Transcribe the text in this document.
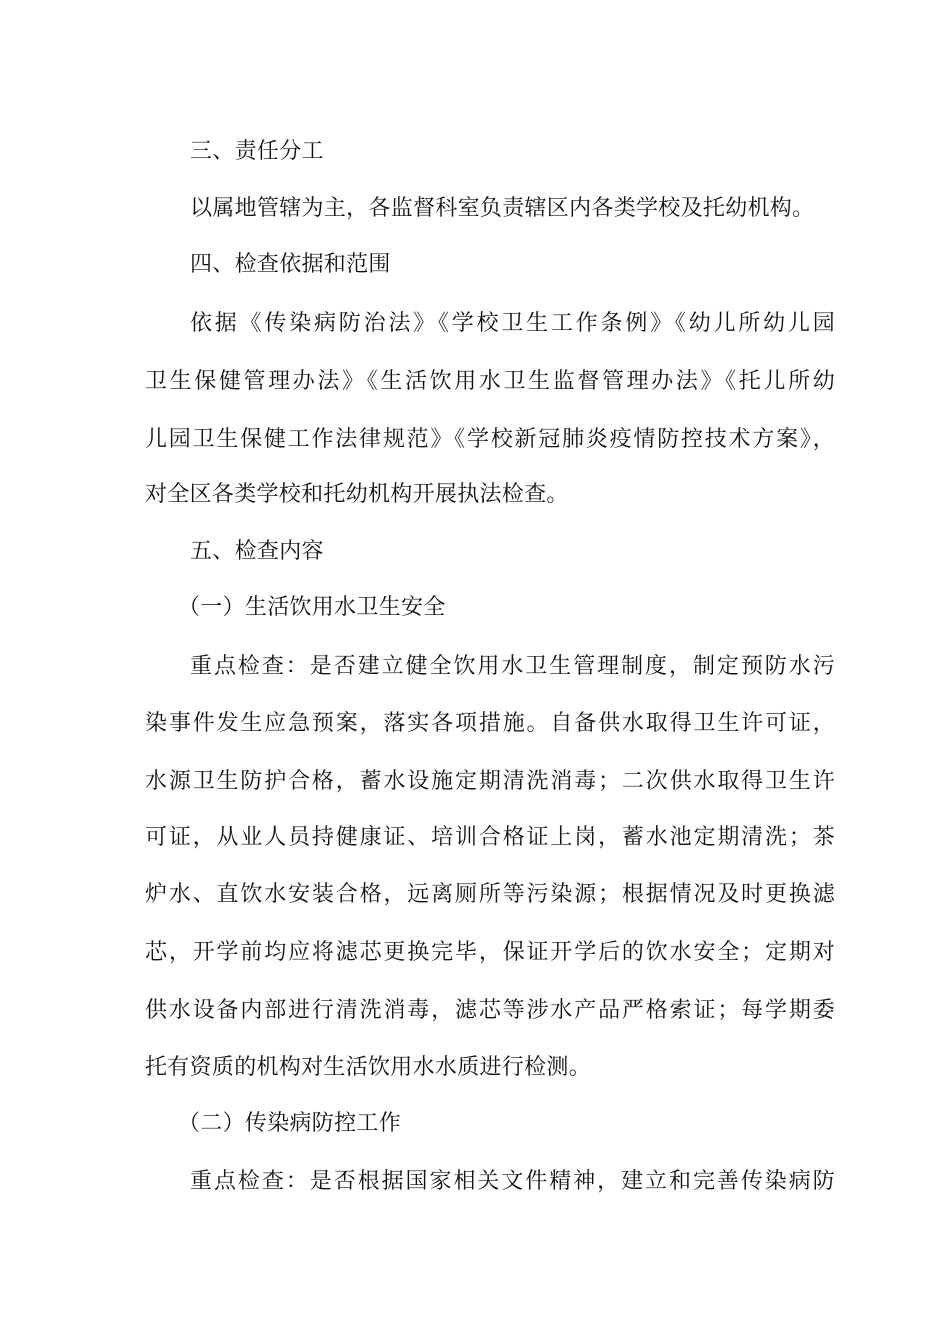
三、责任分工
以属地管辖为主，各监督科室负责辖区内各类学校及托幼机构。
四、检查依据和范围
依据《传染病防治法》《学校卫生工作条例》《幼儿所幼儿园
卫生保健管理办法》《生活饮用水卫生监督管理办法》《托儿所幼
儿园卫生保健工作法律规范》《学校新冠肺炎疫情防控技术方案》，
对全区各类学校和托幼机构开展执法检查。
五、检查内容
（一）生活饮用水卫生安全
重点检查：是否建立健全饮用水卫生管理制度，制定预防水污
染事件发生应急预案，落实各项措施。自备供水取得卫生许可证，
水源卫生防护合格，蓄水设施定期清洗消毒；二次供水取得卫生许
可证，从业人员持健康证、培训合格证上岗，蓄水池定期清洗；茶
炉水、直饮水安装合格，远离厕所等污染源；根据情况及时更换滤
芯，开学前均应将滤芯更换完毕，保证开学后的饮水安全；定期对
供水设备内部进行清洗消毒，滤芯等涉水产品严格索证；每学期委
托有资质的机构对生活饮用水水质进行检测。
（二）传染病防控工作
重点检查：是否根据国家相关文件精神，建立和完善传染病防
